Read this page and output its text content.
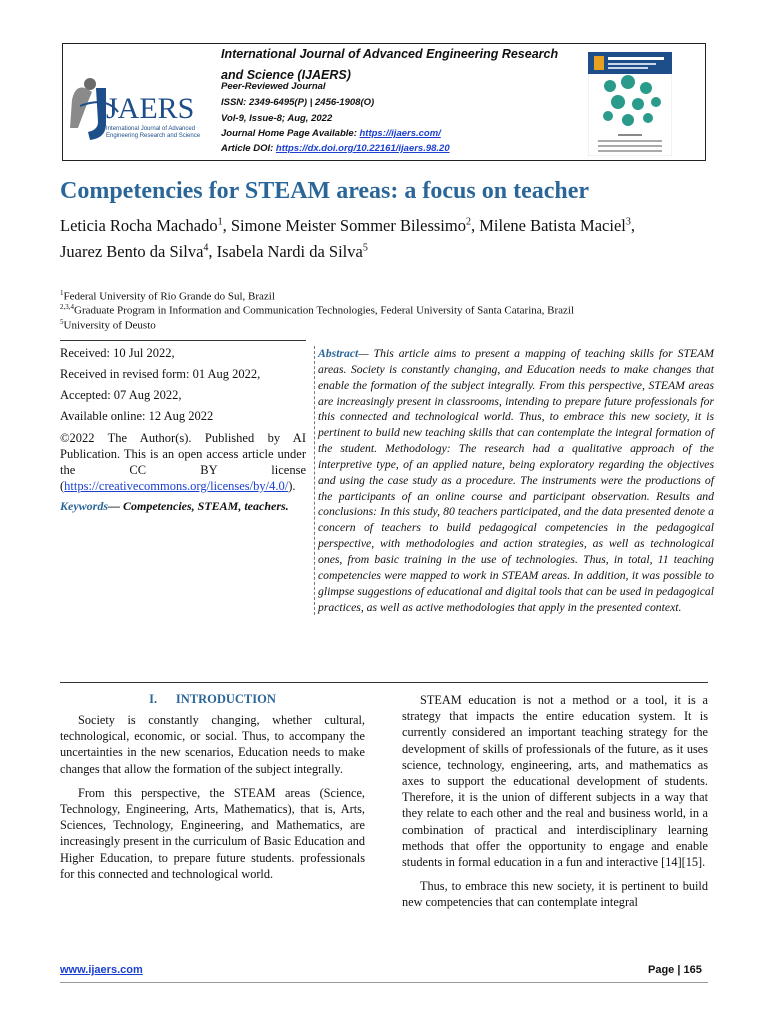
JAERS
International Journal of Advanced
Engineering Research and Science
International Journal of Advanced Engineering Research and Science (IJAERS)
Peer-Reviewed Journal
ISSN: 2349-6495(P) | 2456-1908(O)
Vol-9, Issue-8; Aug, 2022
Journal Home Page Available: https://ijaers.com/
Article DOI: https://dx.doi.org/10.22161/ijaers.98.20
Competencies for STEAM areas: a focus on teacher
Leticia Rocha Machado$^1$, Simone Meister Sommer Bilessimo$^2$, Milene Batista Maciel$^3$,
Juarez Bento da Silva$^4$, Isabela Nardi da Silva$^5$
$^1$Federal University of Rio Grande do Sul, Brazil
$^{2,3,4}$Graduate Program in Information and Communication Technologies, Federal University of Santa Catarina, Brazil
$^5$University of Deusto
Received: 10 Jul 2022,
Received in revised form: 01 Aug 2022,
Accepted: 07 Aug 2022,
Available online: 12 Aug 2022
©2022 The Author(s). Published by AI Publication. This is an open access article under the CC BY license (https://creativecommons.org/licenses/by/4.0/).
Keywords— Competencies, STEAM, teachers.
Abstract— This article aims to present a mapping of teaching skills for STEAM areas. Society is constantly changing, and Education needs to make changes that enable the formation of the subject integrally. From this perspective, STEAM areas are increasingly present in classrooms, intending to prepare future professionals for this connected and technological world. Thus, to embrace this new society, it is pertinent to build new teaching skills that can contemplate the integral formation of the student. Methodology: The research had a qualitative approach of the interpretive type, of an applied nature, being exploratory regarding the objectives and using the case study as a procedure. The instruments were the productions of the participants of an online course and participant observation. Results and conclusions: In this study, 80 teachers participated, and the data presented denote a concern of teachers to build pedagogical competencies in the pedagogical perspective, with methodologies and action strategies, as well as technological ones, from basic training in the use of technologies. Thus, in total, 11 teaching competencies were mapped to work in STEAM areas. In addition, it was possible to glimpse suggestions of educational and digital tools that can be used in pedagogical practices, as well as active methodologies that apply in the presented context.
I.      INTRODUCTION

Society is constantly changing, whether cultural, technological, economic, or social. Thus, to accompany the uncertainties in the new scenarios, Education needs to make changes that allow the formation of the subject integrally.

From this perspective, the STEAM areas (Science, Technology, Engineering, Arts, Mathematics), that is, Arts, Sciences, Technology, Engineering, and Mathematics, are increasingly present in the curriculum of Basic Education and Higher Education, to prepare future students. professionals for this connected and technological world.

STEAM education is not a method or a tool, it is a strategy that impacts the entire education system. It is currently considered an important teaching strategy for the development of skills of professionals of the future, as it uses science, technology, engineering, arts, and mathematics as axes to support the educational development of students. Therefore, it is the union of different subjects in a way that they relate to each other and the real and business world, in a combination of practical and interdisciplinary learning methods that offer the opportunity to engage and enable students in formal education in a fun and interactive [14][15].

Thus, to embrace this new society, it is pertinent to build new competencies that can contemplate integral

www.ijaers.com	Page | 165
